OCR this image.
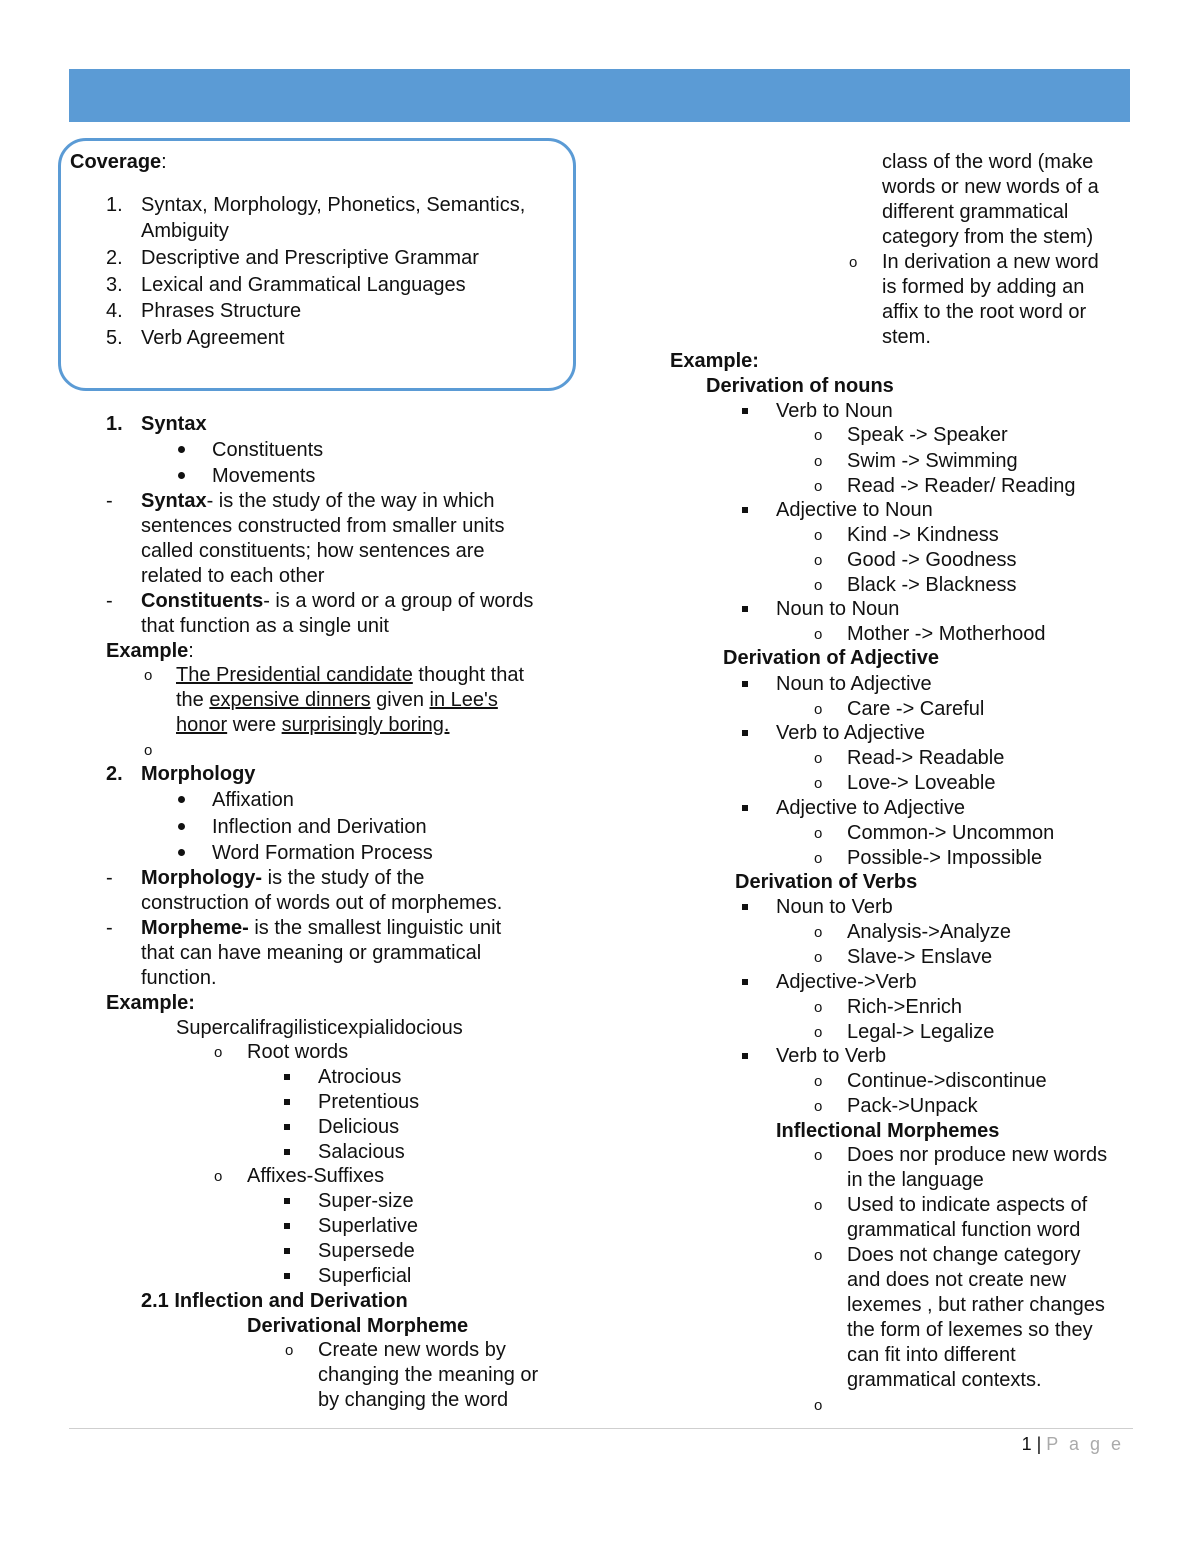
Coverage:
1. Syntax, Morphology, Phonetics, Semantics,
Ambiguity
2. Descriptive and Prescriptive Grammar
3. Lexical and Grammatical Languages
4. Phrases Structure
5. Verb Agreement
1. Syntax
Constituents
Movements
- Syntax- is the study of the way in which
sentences constructed from smaller units
called constituents; how sentences are
related to each other
- Constituents- is a word or a group of words
that function as a single unit
Example:
o The Presidential candidate thought that
the expensive dinners given in Lee's
honor were surprisingly boring.
o
2. Morphology
Affixation
Inflection and Derivation
Word Formation Process
- Morphology- is the study of the
construction of words out of morphemes.
- Morpheme- is the smallest linguistic unit
that can have meaning or grammatical
function.
Example:
Supercalifragilisticexpialidocious
o Root words
Atrocious
Pretentious
Delicious
Salacious
o Affixes-Suffixes
Super-size
Superlative
Supersede
Superficial
2.1 Inflection and Derivation
Derivational Morpheme
o Create new words by
changing the meaning or
by changing the word
class of the word (make
words or new words of a
different grammatical
category from the stem)
o In derivation a new word
is formed by adding an
affix to the root word or
stem.
Example:
Derivation of nouns
Verb to Noun
o Speak -> Speaker
o Swim -> Swimming
o Read -> Reader/ Reading
Adjective to Noun
o Kind -> Kindness
o Good -> Goodness
o Black -> Blackness
Noun to Noun
o Mother -> Motherhood
Derivation of Adjective
Noun to Adjective
o Care -> Careful
Verb to Adjective
o Read-> Readable
o Love-> Loveable
Adjective to Adjective
o Common-> Uncommon
o Possible-> Impossible
Derivation of Verbs
Noun to Verb
o Analysis->Analyze
o Slave-> Enslave
Adjective->Verb
o Rich->Enrich
o Legal-> Legalize
Verb to Verb
o Continue->discontinue
o Pack->Unpack
Inflectional Morphemes
o Does nor produce new words
in the language
o Used to indicate aspects of
grammatical function word
o Does not change category
and does not create new
lexemes , but rather changes
the form of lexemes so they
can fit into different
grammatical contexts.
o
1 | P a g e
